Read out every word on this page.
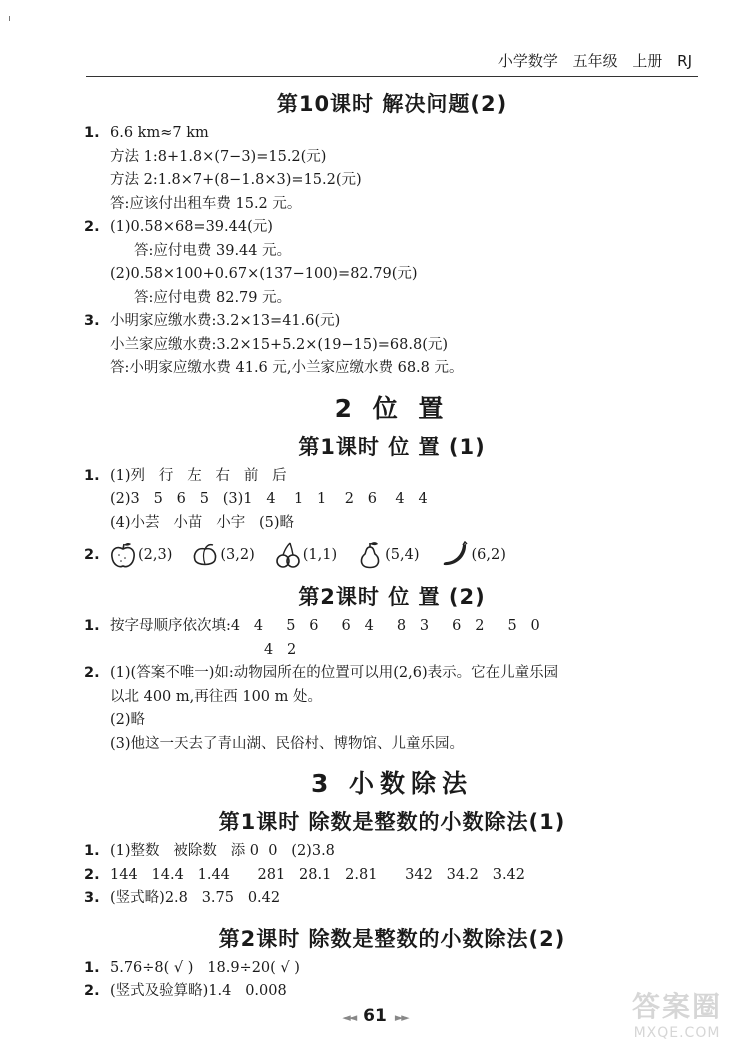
小学数学 五年级 上册 RJ
第10课时 解决问题(2)
1. 6.6 km≈7 km
方法 1:8+1.8×(7−3)=15.2(元)
方法 2:1.8×7+(8−1.8×3)=15.2(元)
答:应该付出租车费 15.2 元。
2. (1)0.58×68=39.44(元)
答:应付电费 39.44 元。
(2)0.58×100+0.67×(137−100)=82.79(元)
答:应付电费 82.79 元。
3. 小明家应缴水费:3.2×13=41.6(元)
小兰家应缴水费:3.2×15+5.2×(19−15)=68.8(元)
答:小明家应缴水费 41.6 元,小兰家应缴水费 68.8 元。
2 位 置
第1课时 位 置 (1)
1. (1)列   行   左   右   前   后
(2)3   5   6   5   (3)1   4    1   1    2   6    4   4
(4)小芸   小苗   小宇   (5)略
2.	(2,3)	(3,2)	(1,1)	(5,4)	(6,2)
第2课时 位 置 (2)
1. 按字母顺序依次填:4   4     5   6     6   4     8   3     6   2     5   0
4   2
2. (1)(答案不唯一)如:动物园所在的位置可以用(2,6)表示。它在儿童乐园
以北 400 m,再往西 100 m 处。
(2)略
(3)他这一天去了青山湖、民俗村、博物馆、儿童乐园。
3 小数除法
第1课时 除数是整数的小数除法(1)
1. (1)整数   被除数   添 0  0   (2)3.8
2. 144   14.4   1.44      281   28.1   2.81      342   34.2   3.42
3. (竖式略)2.8   3.75   0.42
第2课时 除数是整数的小数除法(2)
1. 5.76÷8( √ )   18.9÷20( √ )
2. (竖式及验算略)1.4   0.008
◄◄ 61 ►►	答案圈
MXQE.COM
